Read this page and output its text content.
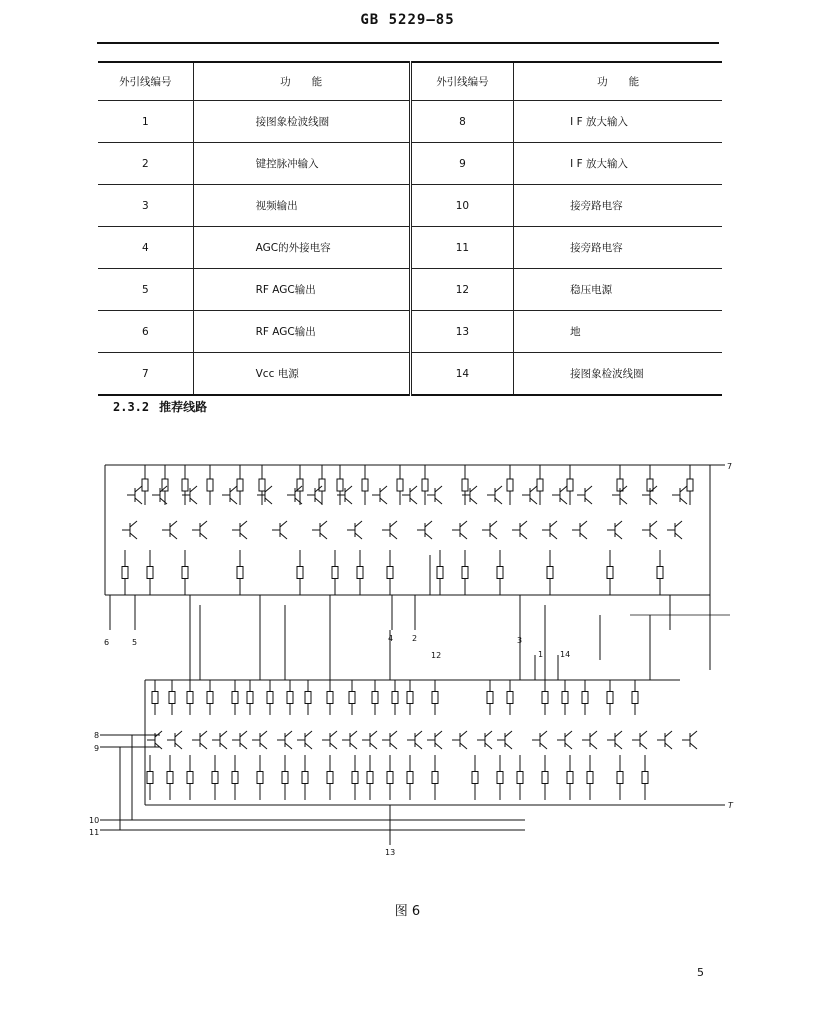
GB 5229—85
外引线编号	功　　能	外引线编号	功　　能
1	接图象检波线圈	8	I F 放大输入
2	键控脉冲输入	9	I F 放大输入
3	视频输出	10	接旁路电容
4	AGC的外接电容	11	接旁路电容
5	RF AGC输出	12	稳压电源
6	RF AGC输出	13	地
7	Vcc 电源	14	接图象检波线圈
2.3.2 推荐线路
7
6	5	4 2	3
1 14
12
8
9
10
11
13
T
图 6
5
